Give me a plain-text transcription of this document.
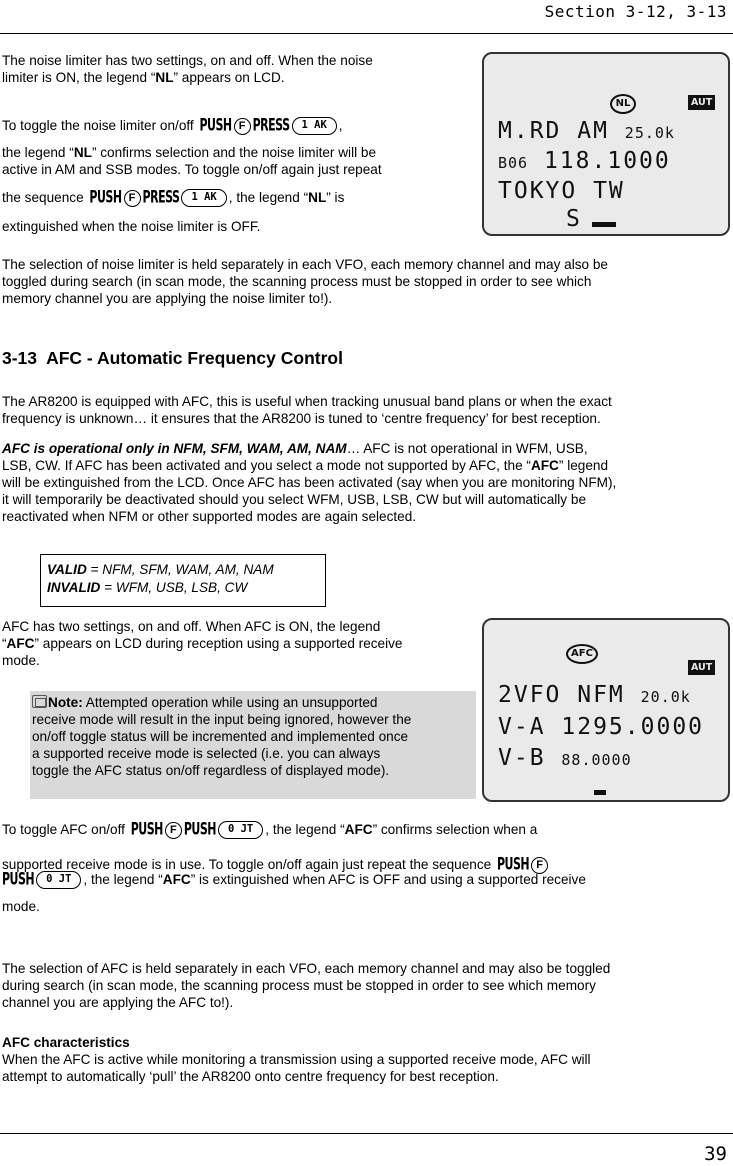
Section 3-12, 3-13

The noise limiter has two settings, on and off. When the noise
limiter is ON, the legend “NL” appears on LCD.

To toggle the noise limiter on/off PUSH F PRESS	1 AK ,
the legend “NL” confirms selection and the noise limiter will be
active in AM and SSB modes. To toggle on/off again just repeat
the sequence PUSH F PRESS	1 AK , the legend “NL” is
extinguished when the noise limiter is OFF.
NL	AUT
M.RD AM 25.0k
B06 118.1000
TOKYO TW
S

The selection of noise limiter is held separately in each VFO, each memory channel and may also be
toggled during search (in scan mode, the scanning process must be stopped in order to see which
memory channel you are applying the noise limiter to!).

3-13 AFC - Automatic Frequency Control

The AR8200 is equipped with AFC, this is useful when tracking unusual band plans or when the exact
frequency is unknown… it ensures that the AR8200 is tuned to ‘centre frequency’ for best reception.

AFC is operational only in NFM, SFM, WAM, AM, NAM… AFC is not operational in WFM, USB,
LSB, CW. If AFC has been activated and you select a mode not supported by AFC, the “AFC” legend
will be extinguished from the LCD. Once AFC has been activated (say when you are monitoring NFM),
it will temporarily be deactivated should you select WFM, USB, LSB, CW but will automatically be
reactivated when NFM or other supported modes are again selected.

VALID = NFM, SFM, WAM, AM, NAM
INVALID = WFM, USB, LSB, CW

AFC has two settings, on and off. When AFC is ON, the legend
“AFC” appears on LCD during reception using a supported receive
mode.

Note: Attempted operation while using an unsupported
receive mode will result in the input being ignored, however the
on/off toggle status will be incremented and implemented once
a supported receive mode is selected (i.e. you can always
toggle the AFC status on/off regardless of displayed mode).
AFC
AUT
2VFO NFM 20.0k
V-A 1295.0000
V-B 88.0000
To toggle AFC on/off PUSH F PUSH	0 JT , the legend “AFC” confirms selection when a
supported receive mode is in use. To toggle on/off again just repeat the sequence PUSH F
PUSH	0 JT , the legend “AFC” is extinguished when AFC is OFF and using a supported receive
mode.

The selection of AFC is held separately in each VFO, each memory channel and may also be toggled
during search (in scan mode, the scanning process must be stopped in order to see which memory
channel you are applying the AFC to!).

AFC characteristics
When the AFC is active while monitoring a transmission using a supported receive mode, AFC will
attempt to automatically ‘pull’ the AR8200 onto centre frequency for best reception.

39
